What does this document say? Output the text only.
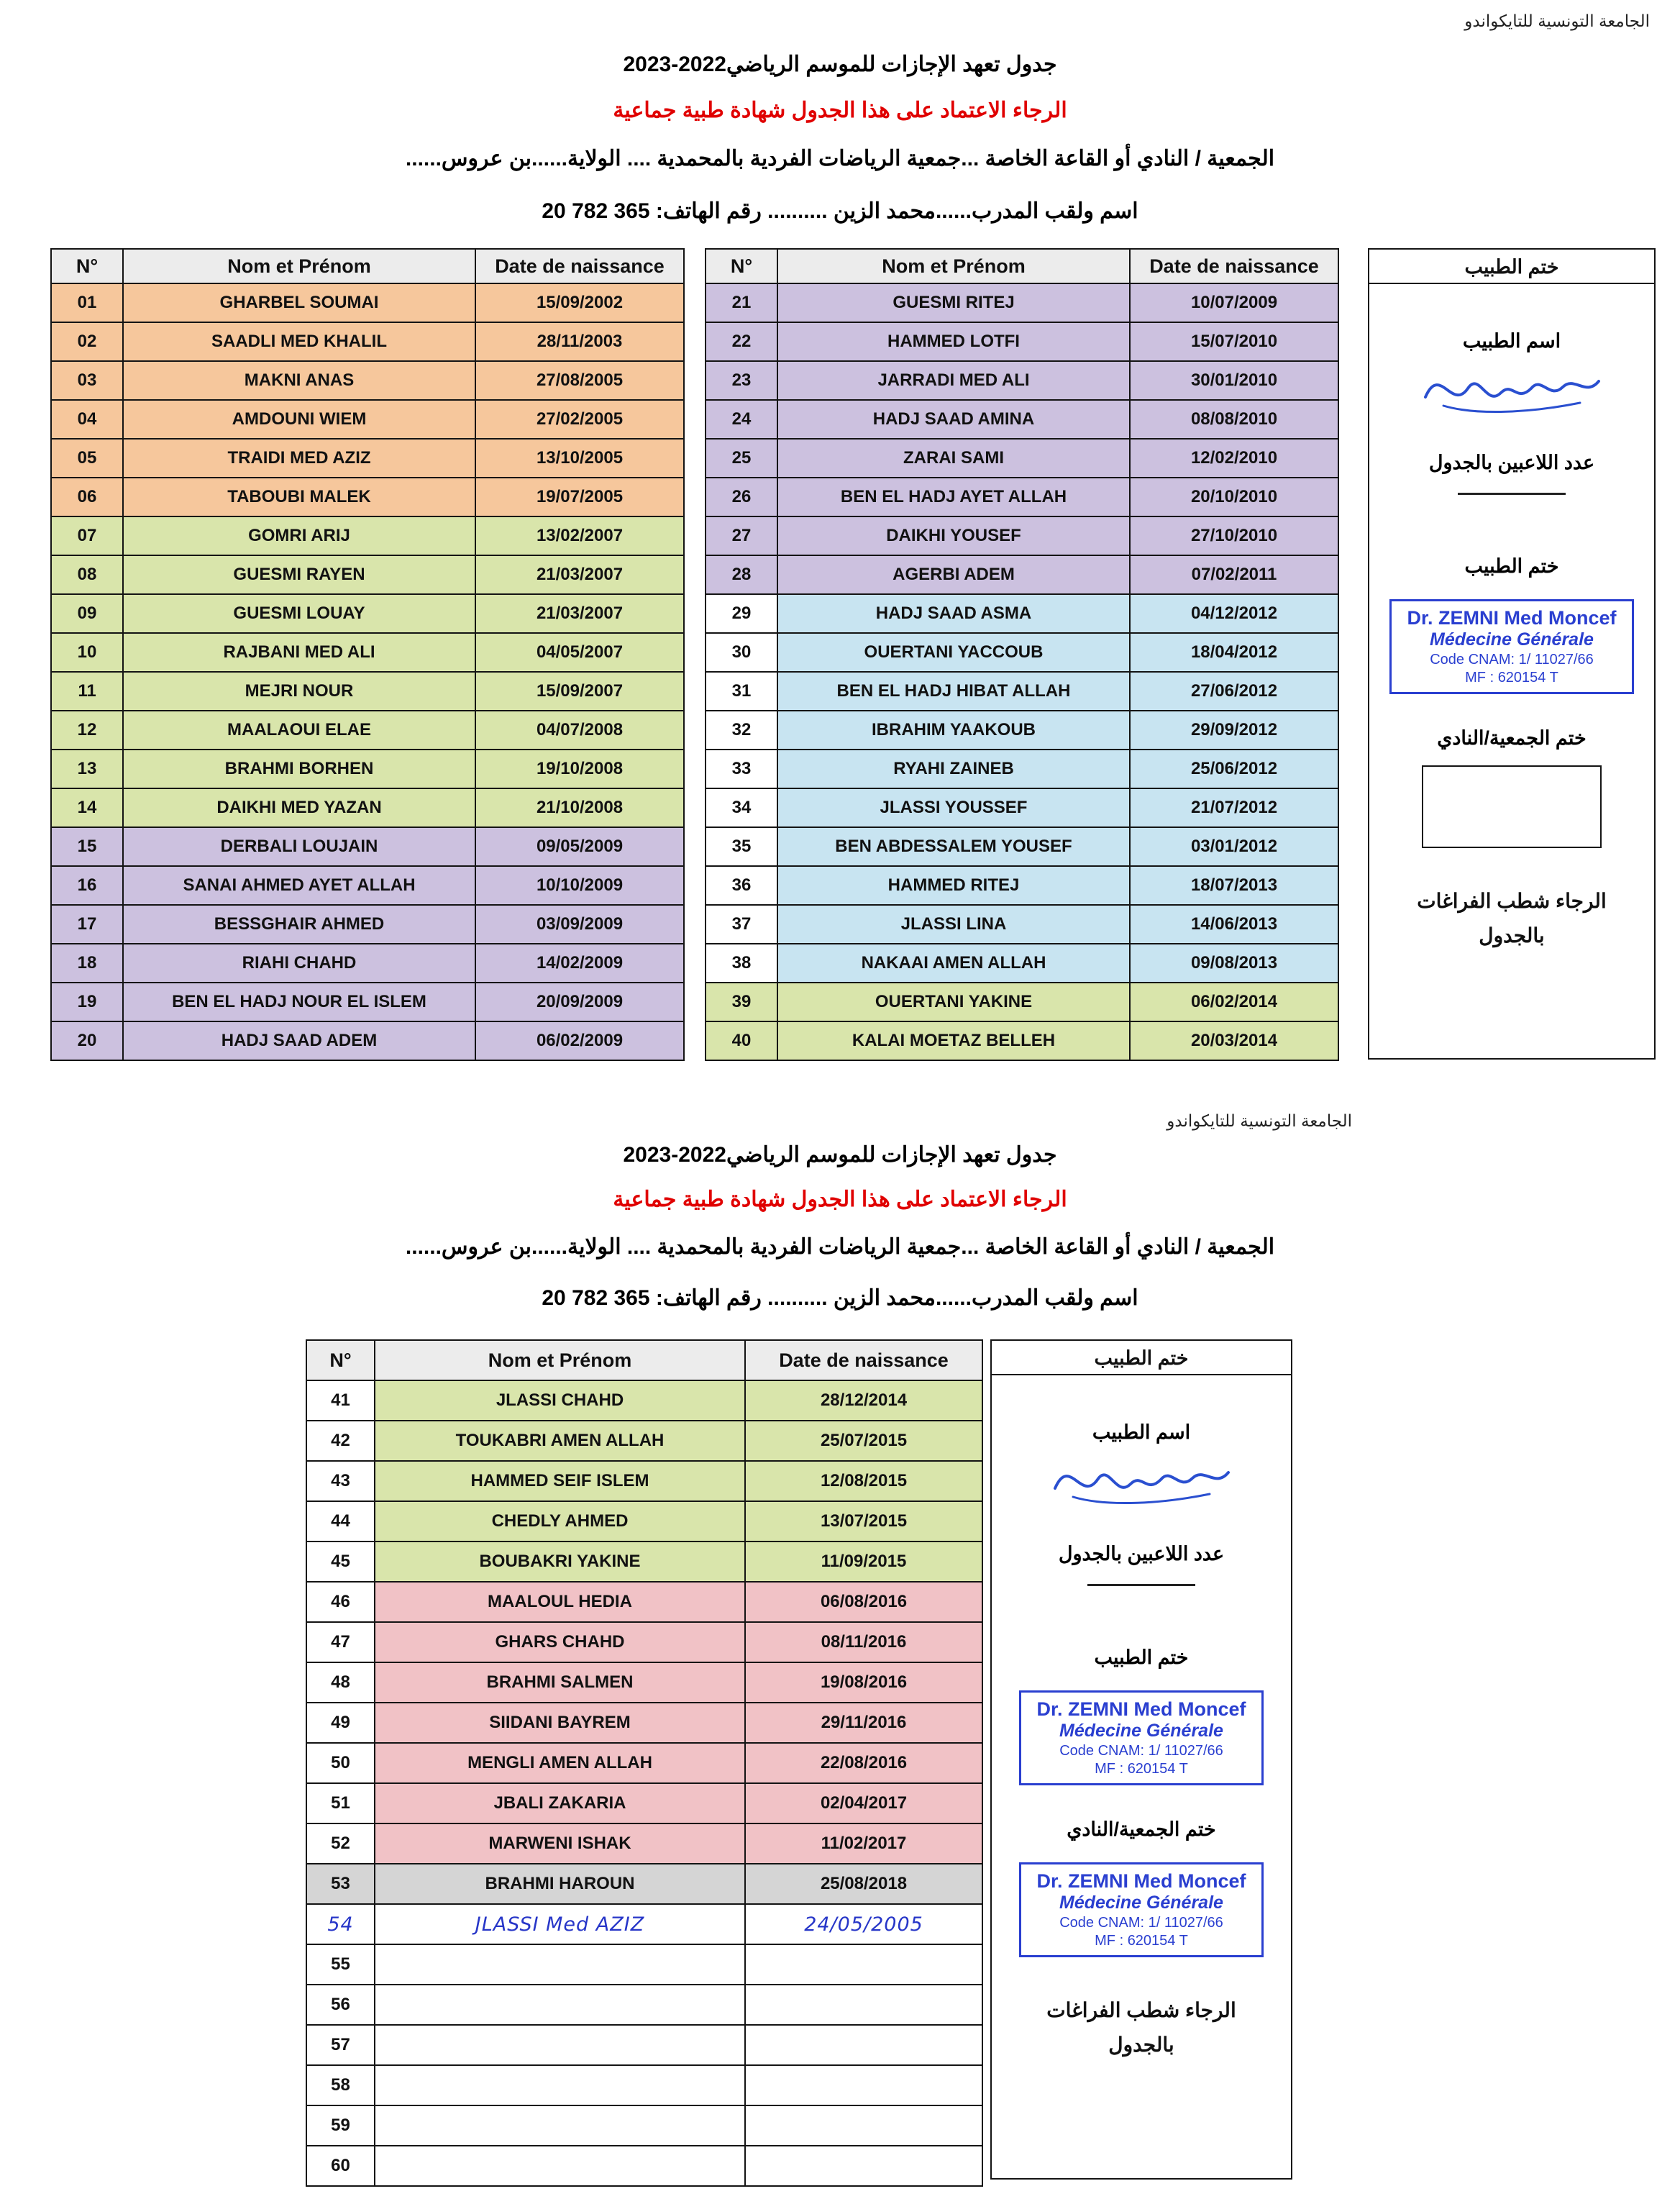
الجامعة التونسية للتايكواندو
جدول تعهد الإجازات للموسم الرياضي2022-2023
الرجاء الاعتماد على هذا الجدول شهادة طبية جماعية
الجمعية / النادي أو القاعة الخاصة ...جمعية الرياضات الفردية بالمحمدية .... الولاية......بن عروس......
اسم ولقب المدرب......محمد الزين .......... رقم الهاتف: 365 782 20
N°	Nom et Prénom	Date de naissance
01	GHARBEL SOUMAI	15/09/2002
02	SAADLI MED KHALIL	28/11/2003
03	MAKNI ANAS	27/08/2005
04	AMDOUNI WIEM	27/02/2005
05	TRAIDI MED AZIZ	13/10/2005
06	TABOUBI MALEK	19/07/2005
07	GOMRI ARIJ	13/02/2007
08	GUESMI RAYEN	21/03/2007
09	GUESMI LOUAY	21/03/2007
10	RAJBANI MED ALI	04/05/2007
11	MEJRI NOUR	15/09/2007
12	MAALAOUI ELAE	04/07/2008
13	BRAHMI BORHEN	19/10/2008
14	DAIKHI MED YAZAN	21/10/2008
15	DERBALI LOUJAIN	09/05/2009
16	SANAI AHMED AYET ALLAH	10/10/2009
17	BESSGHAIR AHMED	03/09/2009
18	RIAHI CHAHD	14/02/2009
19	BEN EL HADJ NOUR EL ISLEM	20/09/2009
20	HADJ SAAD ADEM	06/02/2009
N°	Nom et Prénom	Date de naissance
21	GUESMI RITEJ	10/07/2009
22	HAMMED LOTFI	15/07/2010
23	JARRADI MED ALI	30/01/2010
24	HADJ SAAD AMINA	08/08/2010
25	ZARAI SAMI	12/02/2010
26	BEN EL HADJ AYET ALLAH	20/10/2010
27	DAIKHI YOUSEF	27/10/2010
28	AGERBI ADEM	07/02/2011
29	HADJ SAAD ASMA	04/12/2012
30	OUERTANI YACCOUB	18/04/2012
31	BEN EL HADJ HIBAT ALLAH	27/06/2012
32	IBRAHIM YAAKOUB	29/09/2012
33	RYAHI ZAINEB	25/06/2012
34	JLASSI YOUSSEF	21/07/2012
35	BEN ABDESSALEM YOUSEF	03/01/2012
36	HAMMED RITEJ	18/07/2013
37	JLASSI LINA	14/06/2013
38	NAKAAI AMEN ALLAH	09/08/2013
39	OUERTANI YAKINE	06/02/2014
40	KALAI MOETAZ BELLEH	20/03/2014
ختم الطبيب
اسم الطبيب
عدد اللاعبين بالجدول
ختم الطبيب
Dr. ZEMNI Med Moncef
Médecine Générale
Code CNAM: 1/ 11027/66
MF : 620154 T
ختم الجمعية/النادي
الرجاء شطب الفراغات
بالجدول
الجامعة التونسية للتايكواندو
جدول تعهد الإجازات للموسم الرياضي2022-2023
الرجاء الاعتماد على هذا الجدول شهادة طبية جماعية
الجمعية / النادي أو القاعة الخاصة ...جمعية الرياضات الفردية بالمحمدية .... الولاية......بن عروس......
اسم ولقب المدرب......محمد الزين .......... رقم الهاتف: 365 782 20
N°	Nom et Prénom	Date de naissance
41	JLASSI CHAHD	28/12/2014
42	TOUKABRI AMEN ALLAH	25/07/2015
43	HAMMED SEIF ISLEM	12/08/2015
44	CHEDLY AHMED	13/07/2015
45	BOUBAKRI YAKINE	11/09/2015
46	MAALOUL HEDIA	06/08/2016
47	GHARS CHAHD	08/11/2016
48	BRAHMI SALMEN	19/08/2016
49	SIIDANI BAYREM	29/11/2016
50	MENGLI AMEN ALLAH	22/08/2016
51	JBALI ZAKARIA	02/04/2017
52	MARWENI ISHAK	11/02/2017
53	BRAHMI HAROUN	25/08/2018
54	JLASSI Med AZIZ	24/05/2005
55		
56		
57		
58		
59		
60		
ختم الطبيب
اسم الطبيب
عدد اللاعبين بالجدول
ختم الطبيب
Dr. ZEMNI Med Moncef
Médecine Générale
Code CNAM: 1/ 11027/66
MF : 620154 T
ختم الجمعية/النادي
Dr. ZEMNI Med Moncef
Médecine Générale
Code CNAM: 1/ 11027/66
MF : 620154 T
الرجاء شطب الفراغات
بالجدول
